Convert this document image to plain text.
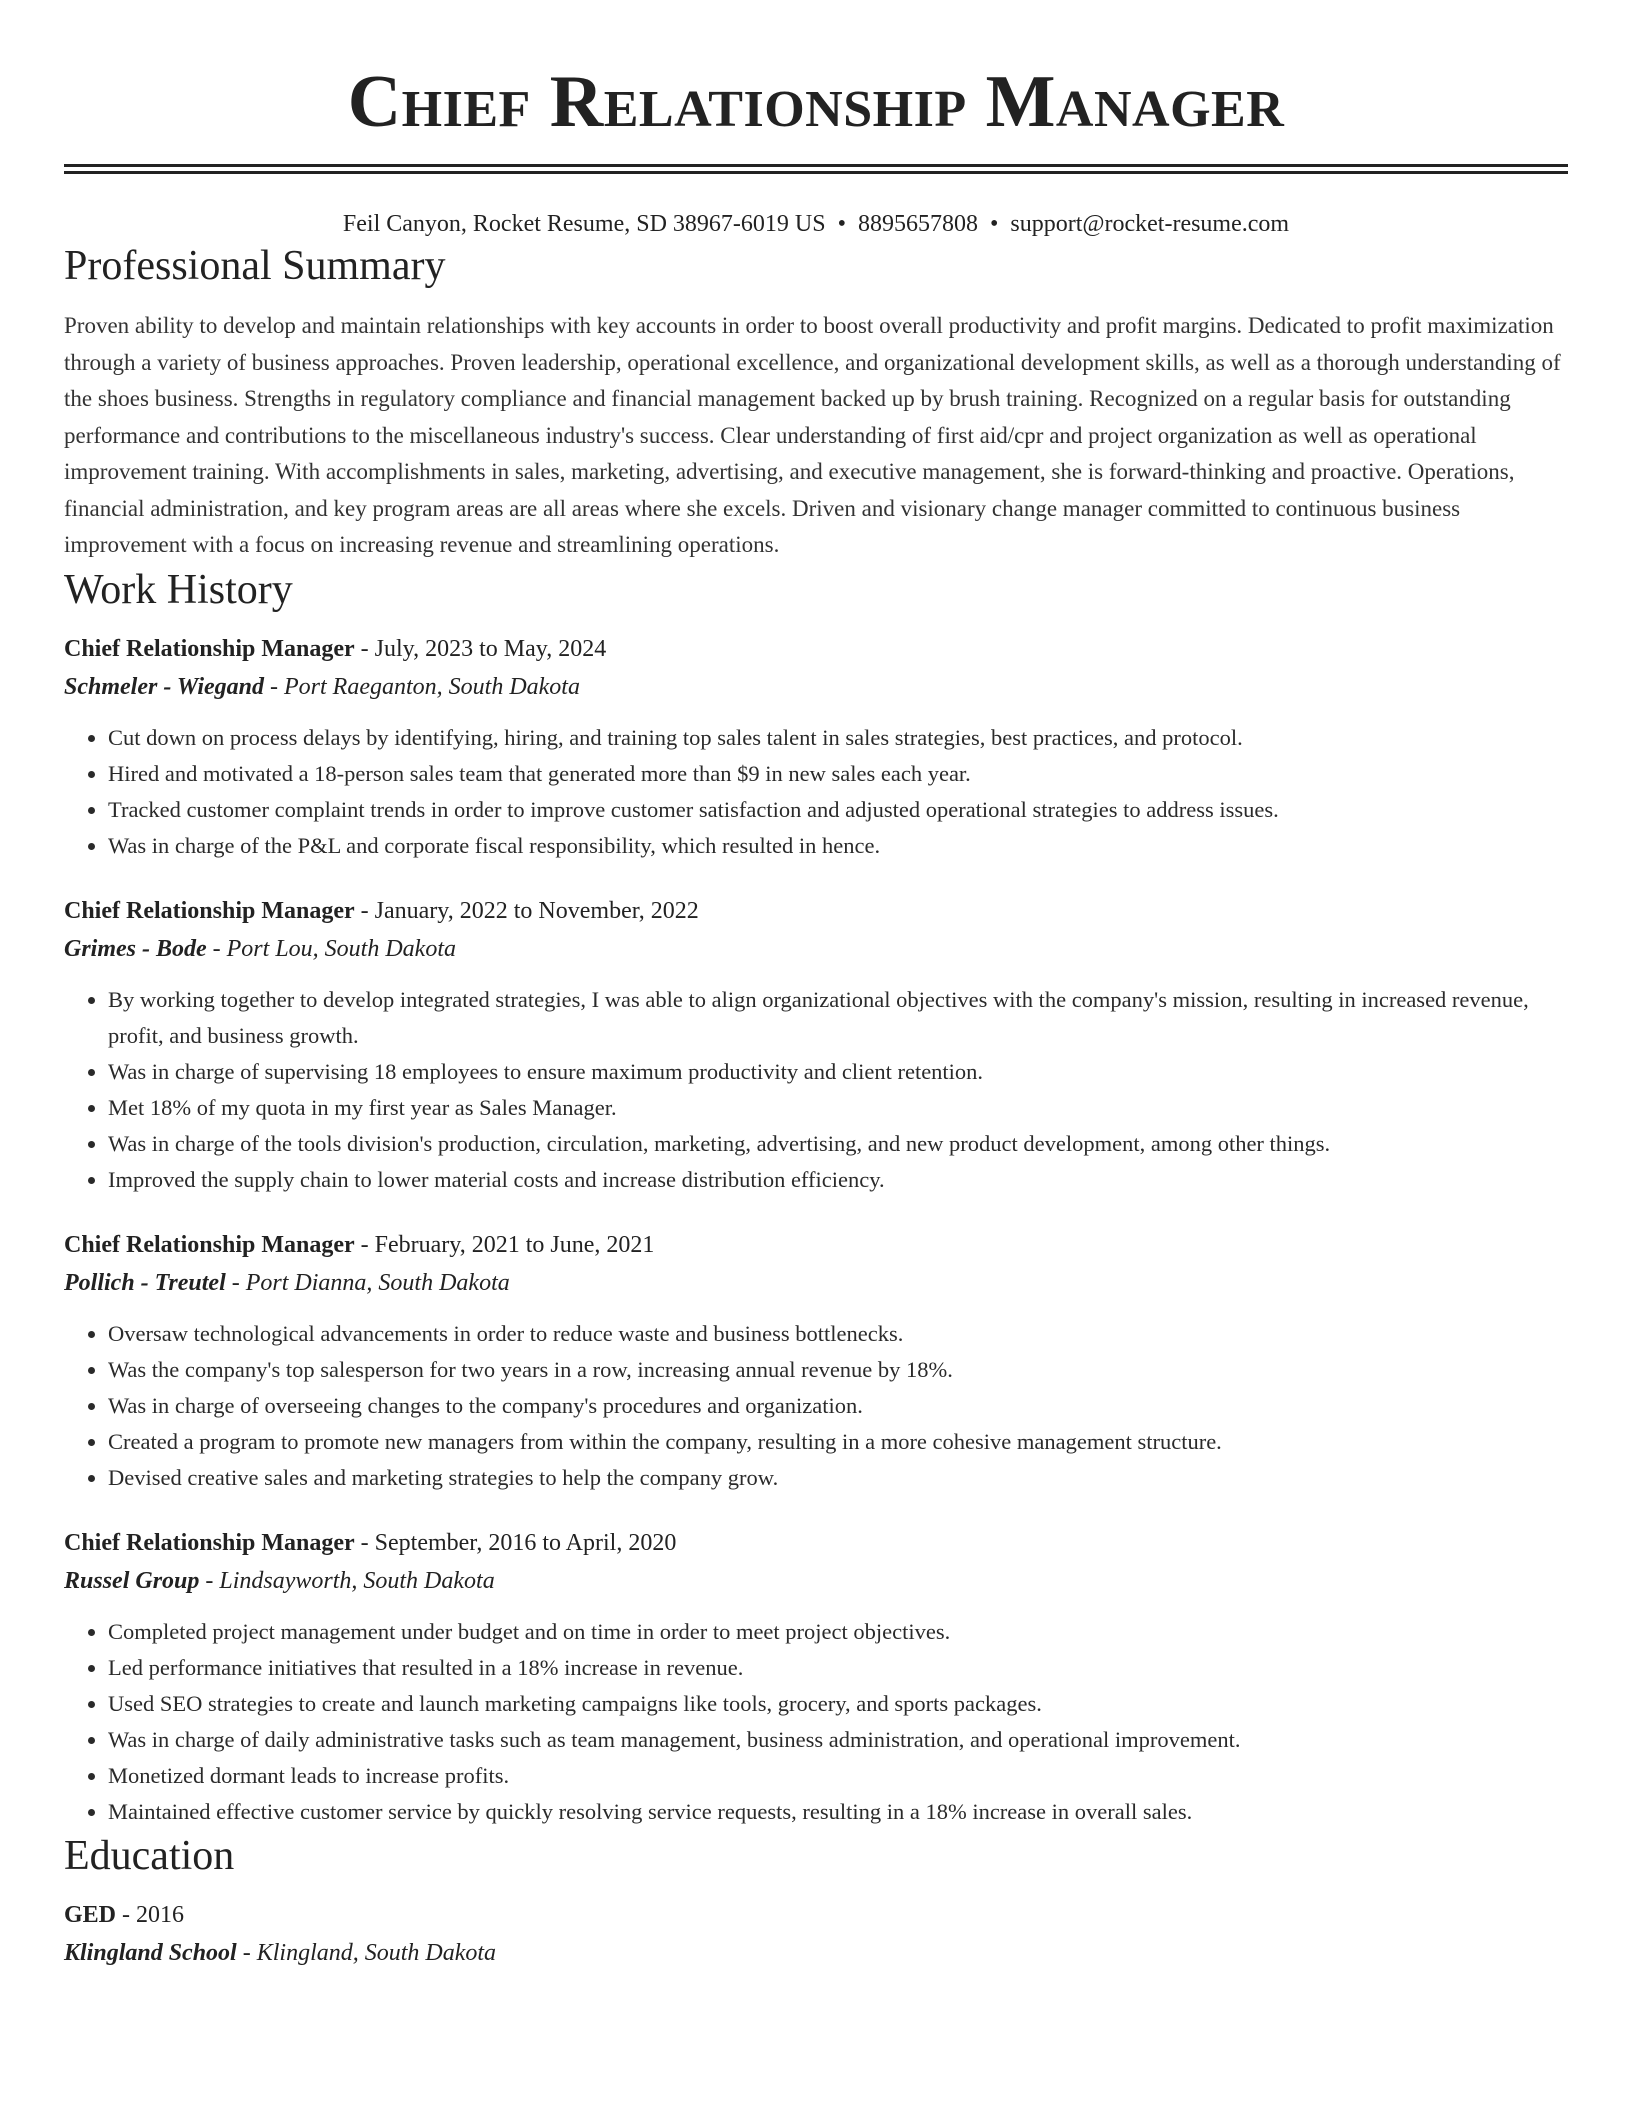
Chief Relationship Manager
Feil Canyon, Rocket Resume, SD 38967-6019 US • 8895657808 • support@rocket-resume.com
Professional Summary

Proven ability to develop and maintain relationships with key accounts in order to boost overall productivity and profit margins. Dedicated to profit maximization through a variety of business approaches. Proven leadership, operational excellence, and organizational development skills, as well as a thorough understanding of the shoes business. Strengths in regulatory compliance and financial management backed up by brush training. Recognized on a regular basis for outstanding performance and contributions to the miscellaneous industry's success. Clear understanding of first aid/cpr and project organization as well as operational improvement training. With accomplishments in sales, marketing, advertising, and executive management, she is forward-thinking and proactive. Operations, financial administration, and key program areas are all areas where she excels. Driven and visionary change manager committed to continuous business improvement with a focus on increasing revenue and streamlining operations.

Work History
Chief Relationship Manager - July, 2023 to May, 2024
Schmeler - Wiegand - Port Raeganton, South Dakota
• Cut down on process delays by identifying, hiring, and training top sales talent in sales strategies, best practices, and protocol.
• Hired and motivated a 18-person sales team that generated more than $9 in new sales each year.
• Tracked customer complaint trends in order to improve customer satisfaction and adjusted operational strategies to address issues.
• Was in charge of the P&L and corporate fiscal responsibility, which resulted in hence.
Chief Relationship Manager - January, 2022 to November, 2022
Grimes - Bode - Port Lou, South Dakota
• By working together to develop integrated strategies, I was able to align organizational objectives with the company's mission, resulting in increased revenue, profit, and business growth.
• Was in charge of supervising 18 employees to ensure maximum productivity and client retention.
• Met 18% of my quota in my first year as Sales Manager.
• Was in charge of the tools division's production, circulation, marketing, advertising, and new product development, among other things.
• Improved the supply chain to lower material costs and increase distribution efficiency.
Chief Relationship Manager - February, 2021 to June, 2021
Pollich - Treutel - Port Dianna, South Dakota
• Oversaw technological advancements in order to reduce waste and business bottlenecks.
• Was the company's top salesperson for two years in a row, increasing annual revenue by 18%.
• Was in charge of overseeing changes to the company's procedures and organization.
• Created a program to promote new managers from within the company, resulting in a more cohesive management structure.
• Devised creative sales and marketing strategies to help the company grow.
Chief Relationship Manager - September, 2016 to April, 2020
Russel Group - Lindsayworth, South Dakota
• Completed project management under budget and on time in order to meet project objectives.
• Led performance initiatives that resulted in a 18% increase in revenue.
• Used SEO strategies to create and launch marketing campaigns like tools, grocery, and sports packages.
• Was in charge of daily administrative tasks such as team management, business administration, and operational improvement.
• Monetized dormant leads to increase profits.
• Maintained effective customer service by quickly resolving service requests, resulting in a 18% increase in overall sales.
Education
GED - 2016
Klingland School - Klingland, South Dakota
